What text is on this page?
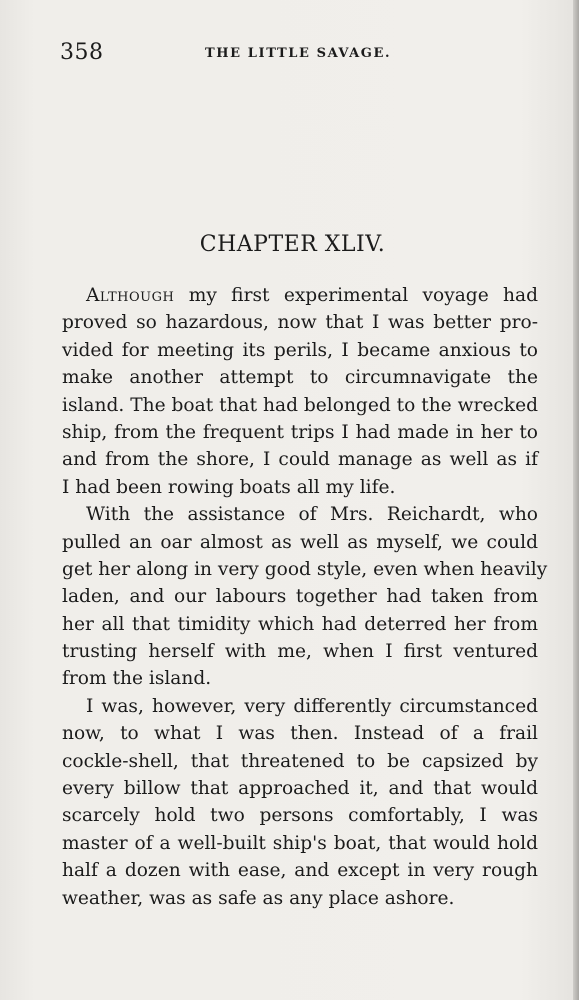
358	THE LITTLE SAVAGE.
CHAPTER XLIV.
Although my first experimental voyage had
proved so hazardous, now that I was better pro-
vided for meeting its perils, I became anxious to
make another attempt to circumnavigate the
island. The boat that had belonged to the wrecked
ship, from the frequent trips I had made in her to
and from the shore, I could manage as well as if
I had been rowing boats all my life.
With the assistance of Mrs. Reichardt, who
pulled an oar almost as well as myself, we could
get her along in very good style, even when heavily
laden, and our labours together had taken from
her all that timidity which had deterred her from
trusting herself with me, when I first ventured
from the island.
I was, however, very differently circumstanced
now, to what I was then. Instead of a frail
cockle-shell, that threatened to be capsized by
every billow that approached it, and that would
scarcely hold two persons comfortably, I was
master of a well-built ship's boat, that would hold
half a dozen with ease, and except in very rough
weather, was as safe as any place ashore.
